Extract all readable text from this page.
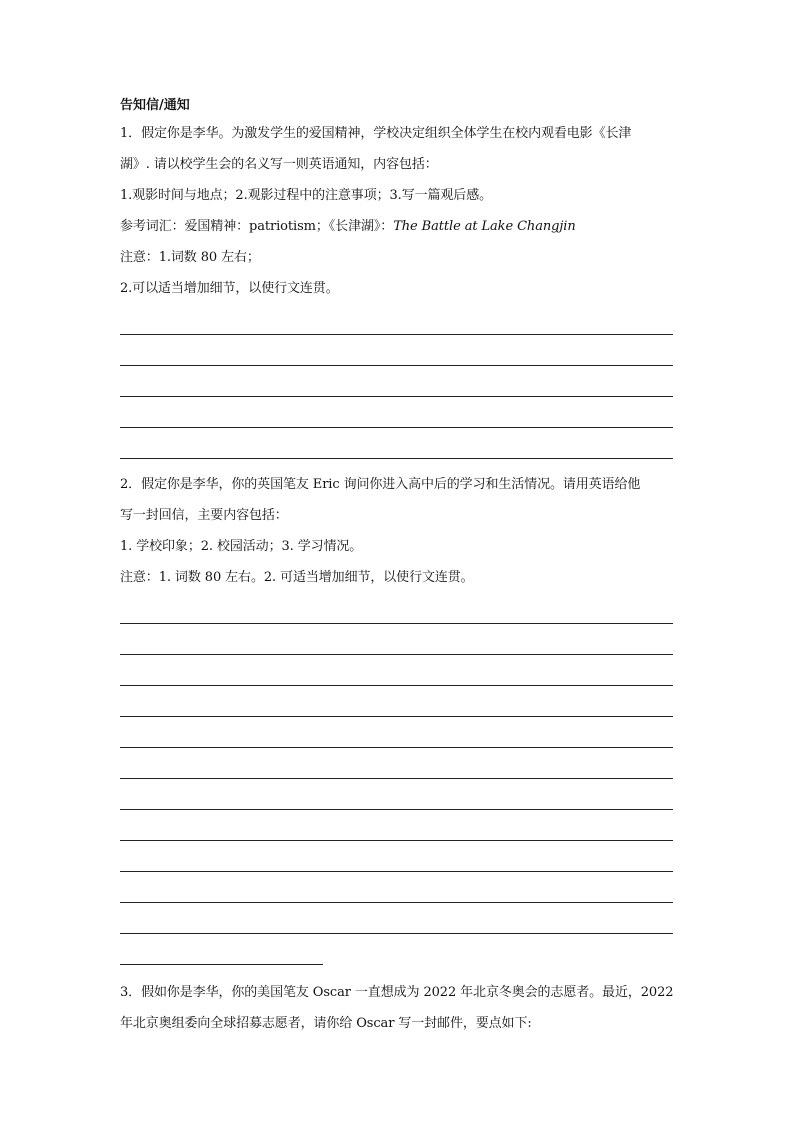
告知信/通知

1．假定你是李华。为激发学生的爱国精神，学校决定组织全体学生在校内观看电影《长津

湖》. 请以校学生会的名义写一则英语通知，内容包括：

1.观影时间与地点；2.观影过程中的注意事项；3.写一篇观后感。

参考词汇：爱国精神：patriotism；《长津湖》：The Battle at Lake Changjin

注意：1.词数 80 左右；

2.可以适当增加细节，以使行文连贯。

2．假定你是李华，你的英国笔友 Eric 询问你进入高中后的学习和生活情况。请用英语给他

写一封回信，主要内容包括：

1. 学校印象；2. 校园活动；3. 学习情况。

注意：1. 词数 80 左右。2. 可适当增加细节，以使行文连贯。

3．假如你是李华，你的美国笔友 Oscar 一直想成为 2022 年北京冬奥会的志愿者。最近，2022

年北京奥组委向全球招募志愿者，请你给 Oscar 写一封邮件，要点如下:
